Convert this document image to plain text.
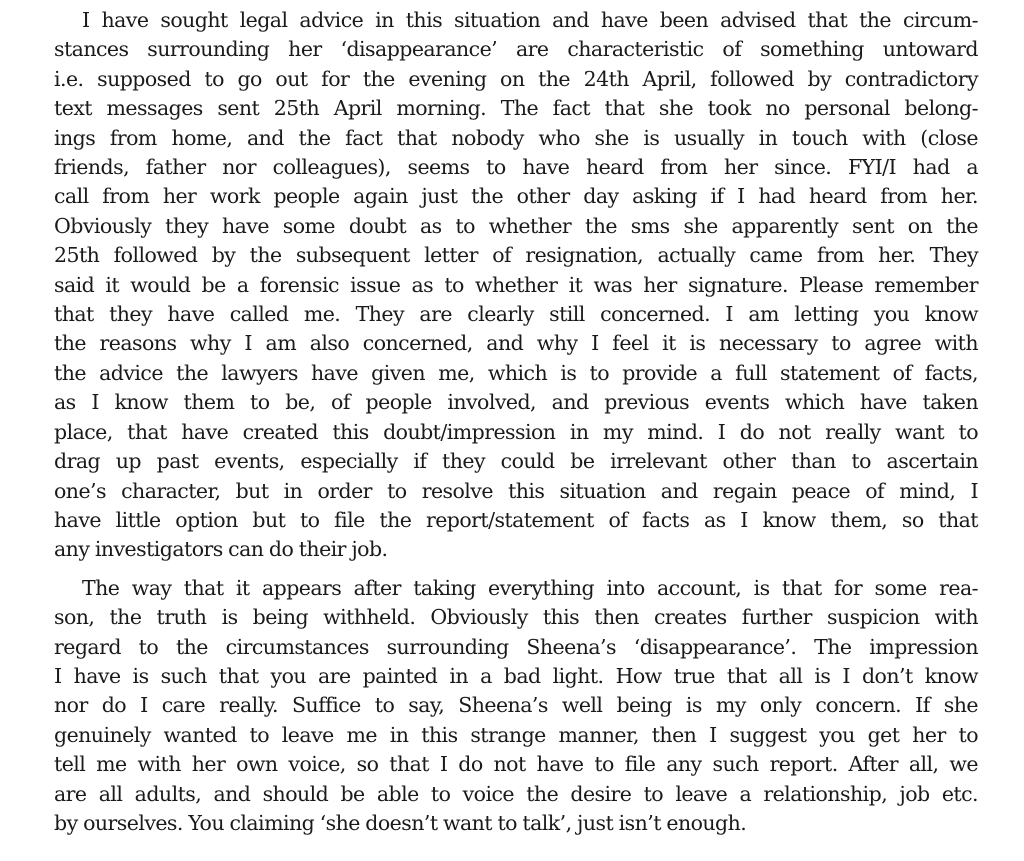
I have sought legal advice in this situation and have been advised that the circum-
stances surrounding her ‘disappearance’ are characteristic of something untoward
i.e. supposed to go out for the evening on the 24th April, followed by contradictory
text messages sent 25th April morning. The fact that she took no personal belong-
ings from home, and the fact that nobody who she is usually in touch with (close
friends, father nor colleagues), seems to have heard from her since. FYI/I had a
call from her work people again just the other day asking if I had heard from her.
Obviously they have some doubt as to whether the sms she apparently sent on the
25th followed by the subsequent letter of resignation, actually came from her. They
said it would be a forensic issue as to whether it was her signature. Please remember
that they have called me. They are clearly still concerned. I am letting you know
the reasons why I am also concerned, and why I feel it is necessary to agree with
the advice the lawyers have given me, which is to provide a full statement of facts,
as I know them to be, of people involved, and previous events which have taken
place, that have created this doubt/impression in my mind. I do not really want to
drag up past events, especially if they could be irrelevant other than to ascertain
one’s character, but in order to resolve this situation and regain peace of mind, I
have little option but to file the report/statement of facts as I know them, so that
any investigators can do their job.

The way that it appears after taking everything into account, is that for some rea-
son, the truth is being withheld. Obviously this then creates further suspicion with
regard to the circumstances surrounding Sheena’s ‘disappearance’. The impression
I have is such that you are painted in a bad light. How true that all is I don’t know
nor do I care really. Suffice to say, Sheena’s well being is my only concern. If she
genuinely wanted to leave me in this strange manner, then I suggest you get her to
tell me with her own voice, so that I do not have to file any such report. After all, we
are all adults, and should be able to voice the desire to leave a relationship, job etc.
by ourselves. You claiming ‘she doesn’t want to talk’, just isn’t enough.
